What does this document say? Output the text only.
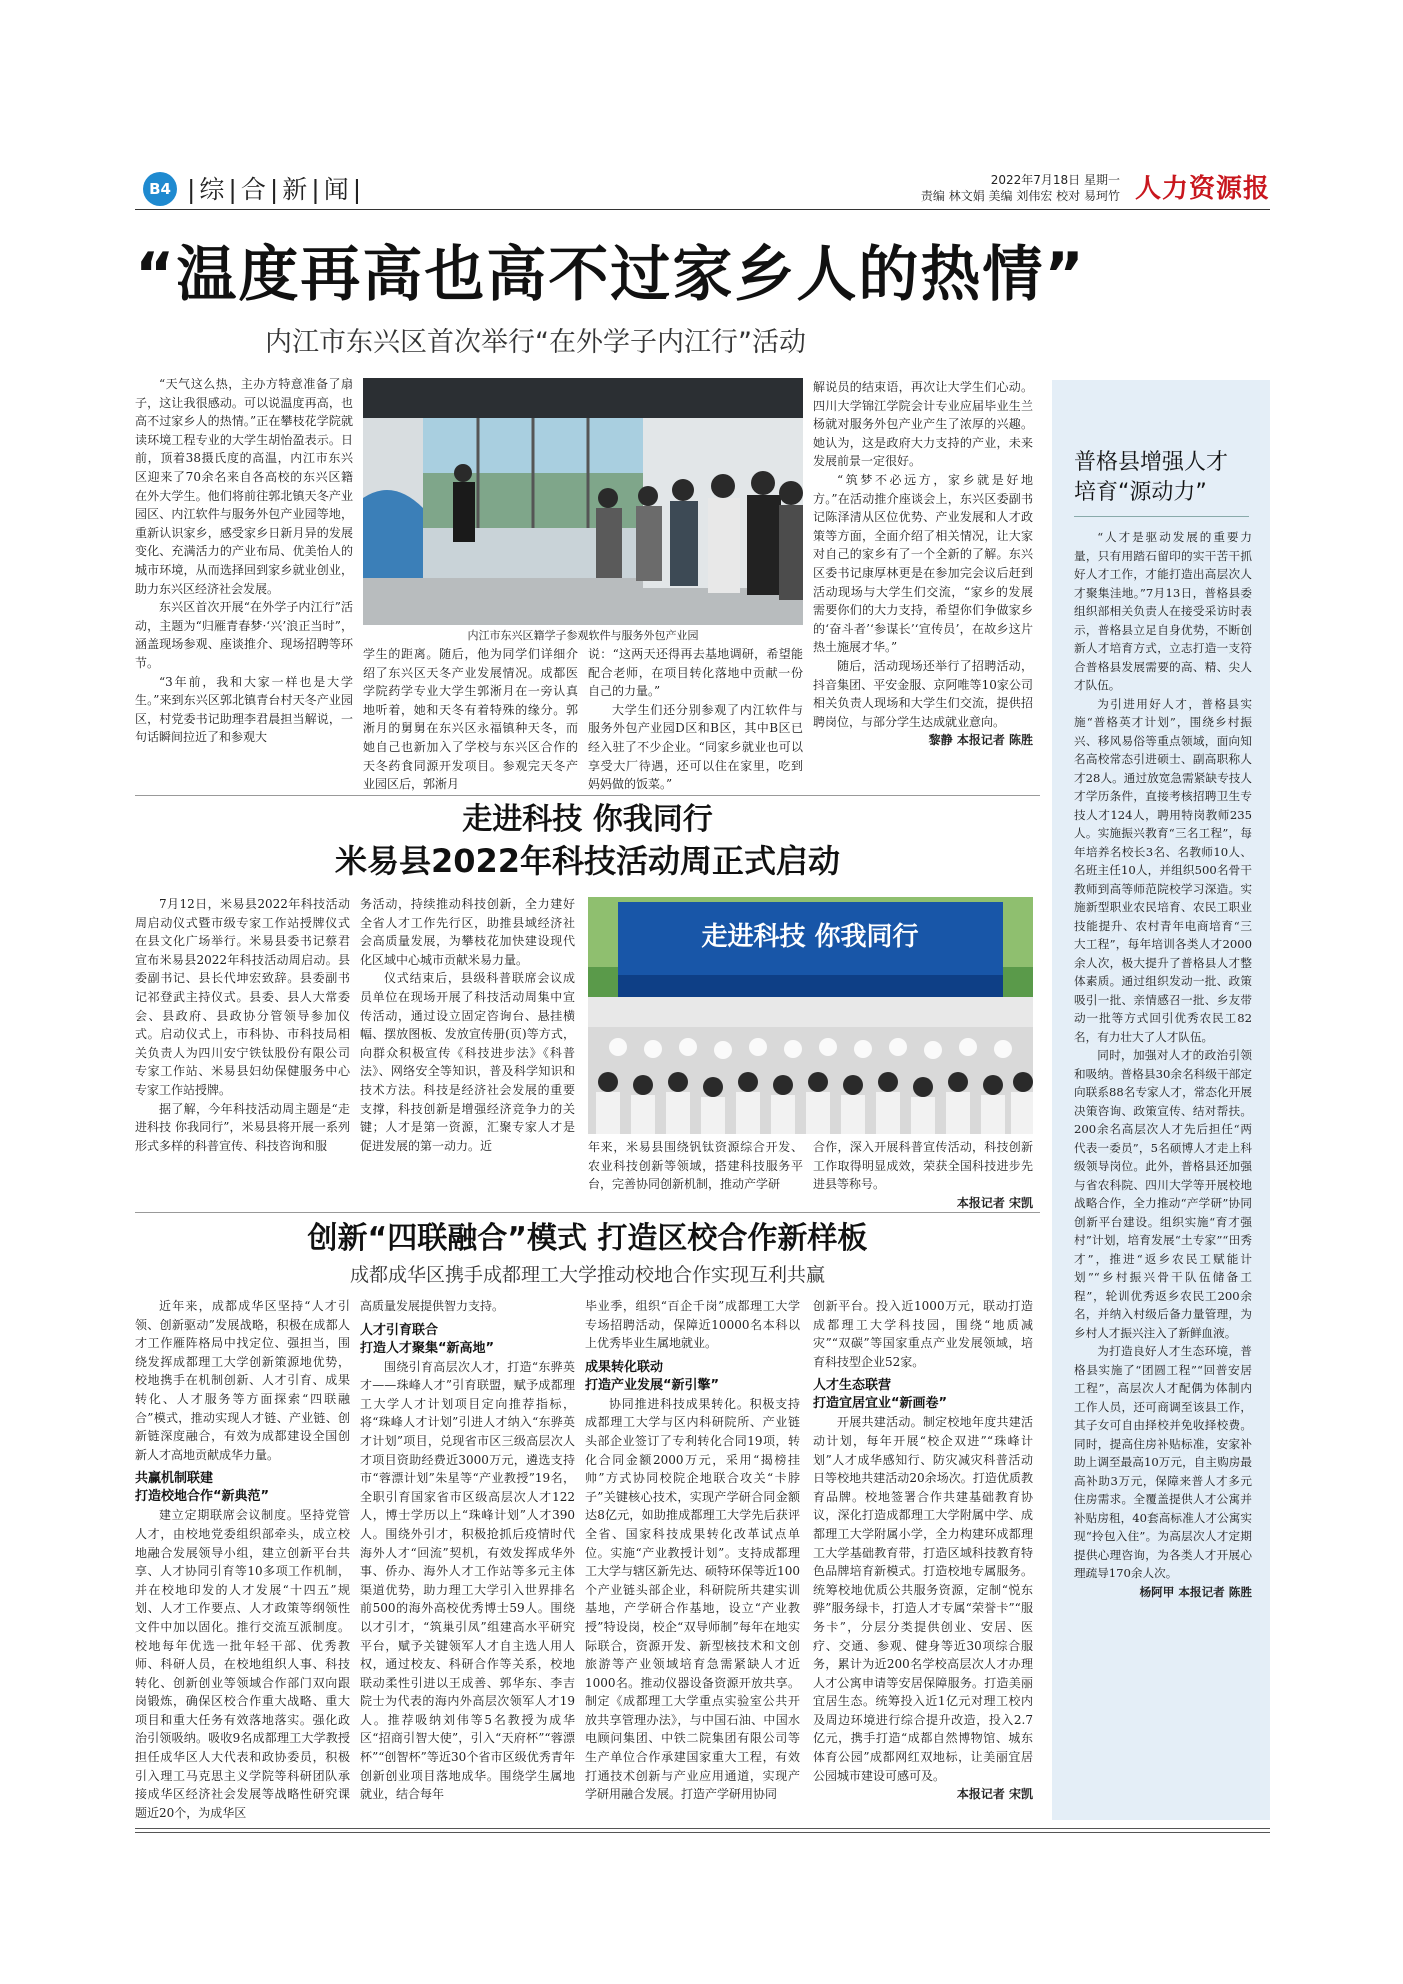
B4 |综|合|新|闻|	2022年7月18日 星期一
责编 林文娟 美编 刘伟宏 校对 易珂竹 人力资源报
“温度再高也高不过家乡人的热情”
内江市东兴区首次举行“在外学子内江行”活动

“天气这么热，主办方特意准备了扇子，这让我很感动。可以说温度再高，也高不过家乡人的热情。”正在攀枝花学院就读环境工程专业的大学生胡怡盈表示。日前，顶着38摄氏度的高温，内江市东兴区迎来了70余名来自各高校的东兴区籍在外大学生。他们将前往郭北镇天冬产业园区、内江软件与服务外包产业园等地，重新认识家乡，感受家乡日新月异的发展变化、充满活力的产业布局、优美怡人的城市环境，从而选择回到家乡就业创业，助力东兴区经济社会发展。

东兴区首次开展“在外学子内江行”活动，主题为“归雁青春梦·‘兴’浪正当时”，涵盖现场参观、座谈推介、现场招聘等环节。

“3年前，我和大家一样也是大学生。”来到东兴区郭北镇青台村天冬产业园区，村党委书记助理李君晨担当解说，一句话瞬间拉近了和参观大

内江市东兴区籍学子参观软件与服务外包产业园

学生的距离。随后，他为同学们详细介绍了东兴区天冬产业发展情况。成都医学院药学专业大学生郭淅月在一旁认真地听着，她和天冬有着特殊的缘分。郭淅月的舅舅在东兴区永福镇种天冬，而她自己也新加入了学校与东兴区合作的天冬药食同源开发项目。参观完天冬产业园区后，郭淅月

说：“这两天还得再去基地调研，希望能配合老师，在项目转化落地中贡献一份自己的力量。”

大学生们还分别参观了内江软件与服务外包产业园D区和B区，其中B区已经入驻了不少企业。“同家乡就业也可以享受大厂待遇，还可以住在家里，吃到妈妈做的饭菜。”

解说员的结束语，再次让大学生们心动。四川大学锦江学院会计专业应届毕业生兰杨就对服务外包产业产生了浓厚的兴趣。她认为，这是政府大力支持的产业，未来发展前景一定很好。

“筑梦不必远方，家乡就是好地方。”在活动推介座谈会上，东兴区委副书记陈泽清从区位优势、产业发展和人才政策等方面，全面介绍了相关情况，让大家对自己的家乡有了一个全新的了解。东兴区委书记康厚林更是在参加完会议后赶到活动现场与大学生们交流，“家乡的发展需要你们的大力支持，希望你们争做家乡的‘奋斗者’‘参谋长’‘宣传员’，在故乡这片热土施展才华。”

随后，活动现场还举行了招聘活动，抖音集团、平安金服、京阿唯等10家公司相关负责人现场和大学生们交流，提供招聘岗位，与部分学生达成就业意向。

黎静 本报记者 陈胜

走进科技 你我同行
米易县2022年科技活动周正式启动

7月12日，米易县2022年科技活动周启动仪式暨市级专家工作站授牌仪式在县文化广场举行。米易县委书记蔡君宣布米易县2022年科技活动周启动。县委副书记、县长代坤宏致辞。县委副书记祁登武主持仪式。县委、县人大常委会、县政府、县政协分管领导参加仪式。启动仪式上，市科协、市科技局相关负责人为四川安宁铁钛股份有限公司专家工作站、米易县妇幼保健服务中心专家工作站授牌。

据了解，今年科技活动周主题是“走进科技 你我同行”，米易县将开展一系列形式多样的科普宣传、科技咨询和服

务活动，持续推动科技创新，全力建好全省人才工作先行区，助推县域经济社会高质量发展，为攀枝花加快建设现代化区域中心城市贡献米易力量。

仪式结束后，县级科普联席会议成员单位在现场开展了科技活动周集中宣传活动，通过设立固定咨询台、悬挂横幅、摆放图板、发放宣传册(页)等方式，向群众积极宣传《科技进步法》《科普法》、网络安全等知识，普及科学知识和技术方法。科技是经济社会发展的重要支撑，科技创新是增强经济竞争力的关键；人才是第一资源，汇聚专家人才是促进发展的第一动力。近

走进科技 你我同行

年来，米易县围绕钒钛资源综合开发、农业科技创新等领域，搭建科技服务平台，完善协同创新机制，推动产学研

合作，深入开展科普宣传活动，科技创新工作取得明显成效，荣获全国科技进步先进县等称号。

本报记者 宋凯

创新“四联融合”模式 打造区校合作新样板
成都成华区携手成都理工大学推动校地合作实现互利共赢

近年来，成都成华区坚持“人才引领、创新驱动”发展战略，积极在成都人才工作雁阵格局中找定位、强担当，围绕发挥成都理工大学创新策源地优势，校地携手在机制创新、人才引育、成果转化、人才服务等方面探索“四联融合”模式，推动实现人才链、产业链、创新链深度融合，有效为成都建设全国创新人才高地贡献成华力量。

共赢机制联建

打造校地合作“新典范”

建立定期联席会议制度。坚持党管人才，由校地党委组织部牵头，成立校地融合发展领导小组，建立创新平台共享、人才协同引育等10多项工作机制，并在校地印发的人才发展“十四五”规划、人才工作要点、人才政策等纲领性文件中加以固化。推行交流互派制度。校地每年优选一批年轻干部、优秀教师、科研人员，在校地组织人事、科技转化、创新创业等领域合作部门双向跟岗锻炼，确保区校合作重大战略、重大项目和重大任务有效落地落实。强化政治引领吸纳。吸收9名成都理工大学教授担任成华区人大代表和政协委员，积极引入理工马克思主义学院等科研团队承接成华区经济社会发展等战略性研究课题近20个，为成华区

高质量发展提供智力支持。

人才引育联合

打造人才聚集“新高地”

围绕引育高层次人才，打造“东骅英才——珠峰人才”引育联盟，赋予成都理工大学人才计划项目定向推荐指标，将“珠峰人才计划”引进人才纳入“东骅英才计划”项目，兑现省市区三级高层次人才项目资助经费近3000万元，遴选支持市“蓉漂计划”朱星等“产业教授”19名，全职引育国家省市区级高层次人才122人，博士学历以上“珠峰计划”人才390人。围绕外引才，积极抢抓后疫情时代海外人才“回流”契机，有效发挥成华外事、侨办、海外人才工作站等多元主体渠道优势，助力理工大学引入世界排名前500的海外高校优秀博士59人。围绕以才引才，“筑巢引凤”组建高水平研究平台，赋予关键领军人才自主选人用人权，通过校友、科研合作等关系，校地联动柔性引进以王成善、郭华东、李吉院士为代表的海内外高层次领军人才19人。推荐吸纳刘伟等5名教授为成华区“招商引智大使”，引入“天府杯”“蓉漂杯”“创智杯”等近30个省市区级优秀青年创新创业项目落地成华。围绕学生属地就业，结合每年

毕业季，组织“百企千岗”成都理工大学专场招聘活动，保障近10000名本科以上优秀毕业生属地就业。

成果转化联动

打造产业发展“新引擎”

协同推进科技成果转化。积极支持成都理工大学与区内科研院所、产业链头部企业签订了专利转化合同19项，转化合同金额2000万元，采用“揭榜挂帅”方式协同校院企地联合攻关“卡脖子”关键核心技术，实现产学研合同金额达8亿元，如助推成都理工大学先后获评全省、国家科技成果转化改革试点单位。实施“产业教授计划”。支持成都理工大学与辖区新先达、硕特环保等近100个产业链头部企业，科研院所共建实训基地，产学研合作基地，设立“产业教授”特设岗，校企“双导师制”每年在地实际联合，资源开发、新型核技术和文创旅游等产业领域培育急需紧缺人才近1000名。推动仪器设备资源开放共享。制定《成都理工大学重点实验室公共开放共享管理办法》，与中国石油、中国水电顾问集团、中铁二院集团有限公司等生产单位合作承建国家重大工程，有效打通技术创新与产业应用通道，实现产学研用融合发展。打造产学研用协同

创新平台。投入近1000万元，联动打造成都理工大学科技园，围绕“地质减灾”“双碳”等国家重点产业发展领域，培育科技型企业52家。

人才生态联营

打造宜居宜业“新画卷”

开展共建活动。制定校地年度共建活动计划，每年开展“校企双进”“珠峰计划”人才成华感知行、防灾减灾科普活动日等校地共建活动20余场次。打造优质教育品牌。校地签署合作共建基础教育协议，深化打造成都理工大学附属中学、成都理工大学附属小学，全力构建环成都理工大学基础教育带，打造区域科技教育特色品牌培育新模式。打造校地专属服务。统筹校地优质公共服务资源，定制“悦东骅”服务绿卡，打造人才专属“荣誉卡”“服务卡”，分层分类提供创业、安居、医疗、交通、参观、健身等近30项综合服务，累计为近200名学校高层次人才办理人才公寓申请等安居保障服务。打造美丽宜居生态。统筹投入近1亿元对理工校内及周边环境进行综合提升改造，投入2.7亿元，携手打造“成都自然博物馆、城东体育公园”成都网红双地标，让美丽宜居公园城市建设可感可及。

本报记者 宋凯

普格县增强人才
培育“源动力”

“人才是驱动发展的重要力量，只有用踏石留印的实干苦干抓好人才工作，才能打造出高层次人才聚集洼地。”7月13日，普格县委组织部相关负责人在接受采访时表示，普格县立足自身优势，不断创新人才培育方式，立志打造一支符合普格县发展需要的高、精、尖人才队伍。

为引进用好人才，普格县实施“普格英才计划”，围绕乡村振兴、移风易俗等重点领域，面向知名高校常态引进硕士、副高职称人才28人。通过放宽急需紧缺专技人才学历条件，直接考核招聘卫生专技人才124人，聘用特岗教师235人。实施振兴教育“三名工程”，每年培养名校长3名、名教师10人、名班主任10人，并组织500名骨干教师到高等师范院校学习深造。实施新型职业农民培育、农民工职业技能提升、农村青年电商培育“三大工程”，每年培训各类人才2000余人次，极大提升了普格县人才整体素质。通过组织发动一批、政策吸引一批、亲情感召一批、乡友带动一批等方式回引优秀农民工82名，有力壮大了人才队伍。

同时，加强对人才的政治引领和吸纳。普格县30余名科级干部定向联系88名专家人才，常态化开展决策咨询、政策宣传、结对帮扶。200余名高层次人才先后担任“两代表一委员”，5名硕博人才走上科级领导岗位。此外，普格县还加强与省农科院、四川大学等开展校地战略合作，全力推动“产学研”协同创新平台建设。组织实施“育才强村”计划，培育发展“土专家”“田秀才”，推进“返乡农民工赋能计划”“乡村振兴骨干队伍储备工程”，轮训优秀返乡农民工200余名，并纳入村级后备力量管理，为乡村人才振兴注入了新鲜血液。

为打造良好人才生态环境，普格县实施了“团圆工程”“回普安居工程”，高层次人才配偶为体制内工作人员，还可商调至该县工作，其子女可自由择校并免收择校费。同时，提高住房补贴标准，安家补助上调至最高10万元，自主购房最高补助3万元，保障来普人才多元住房需求。全覆盖提供人才公寓并补贴房租，40套高标准人才公寓实现“拎包入住”。为高层次人才定期提供心理咨询，为各类人才开展心理疏导170余人次。

杨阿甲 本报记者 陈胜
